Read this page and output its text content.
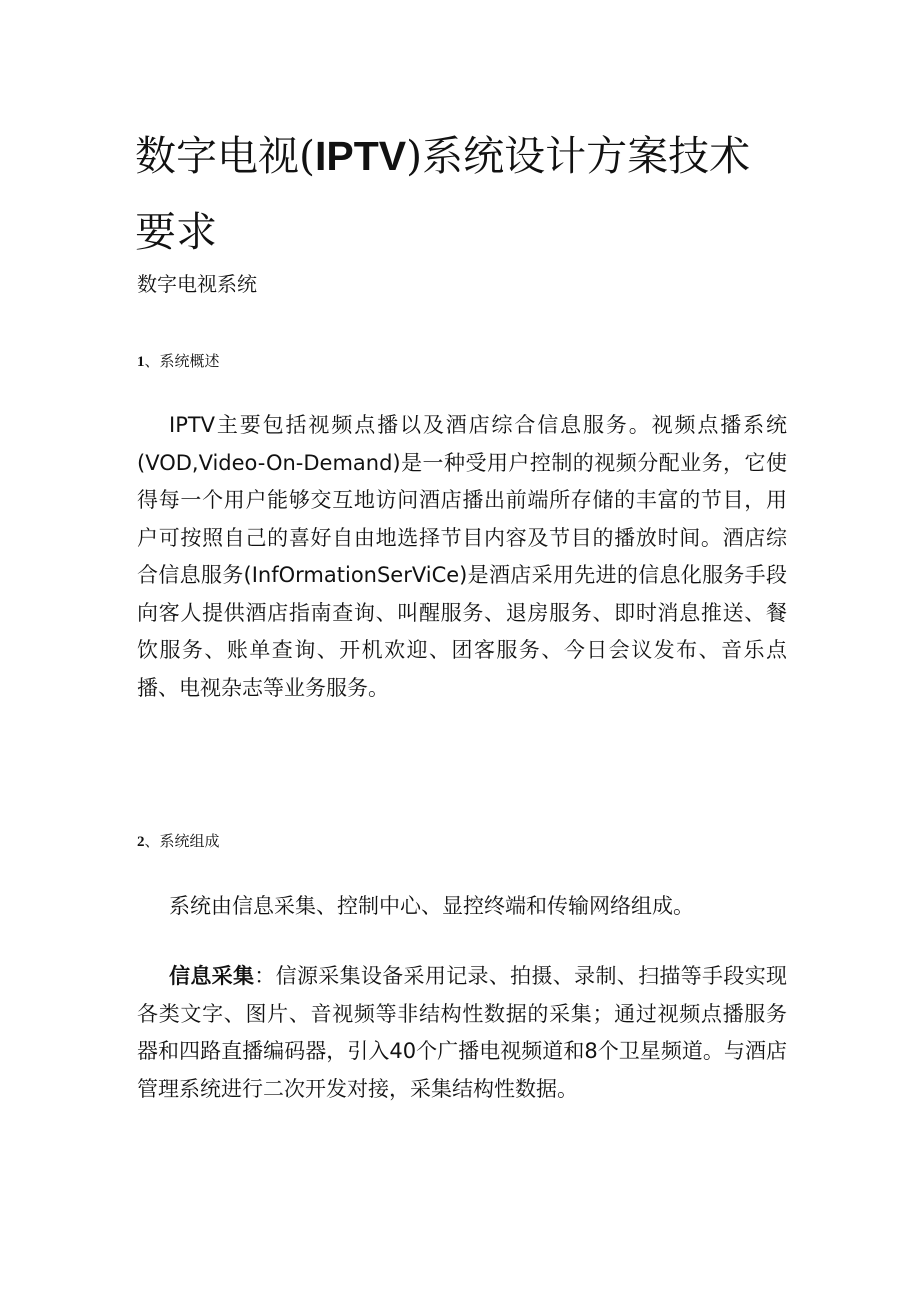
数字电视(IPTV)系统设计方案技术要求
数字电视系统
1、系统概述

IPTV主要包括视频点播以及酒店综合信息服务。视频点播系统(VOD,Video-On-Demand)是一种受用户控制的视频分配业务，它使得每一个用户能够交互地访问酒店播出前端所存储的丰富的节目，用户可按照自己的喜好自由地选择节目内容及节目的播放时间。酒店综合信息服务(InfOrmationSerViCe)是酒店采用先进的信息化服务手段向客人提供酒店指南查询、叫醒服务、退房服务、即时消息推送、餐饮服务、账单查询、开机欢迎、团客服务、今日会议发布、音乐点播、电视杂志等业务服务。

2、系统组成

系统由信息采集、控制中心、显控终端和传输网络组成。

信息采集：信源采集设备采用记录、拍摄、录制、扫描等手段实现各类文字、图片、音视频等非结构性数据的采集；通过视频点播服务器和四路直播编码器，引入40个广播电视频道和8个卫星频道。与酒店管理系统进行二次开发对接，采集结构性数据。
